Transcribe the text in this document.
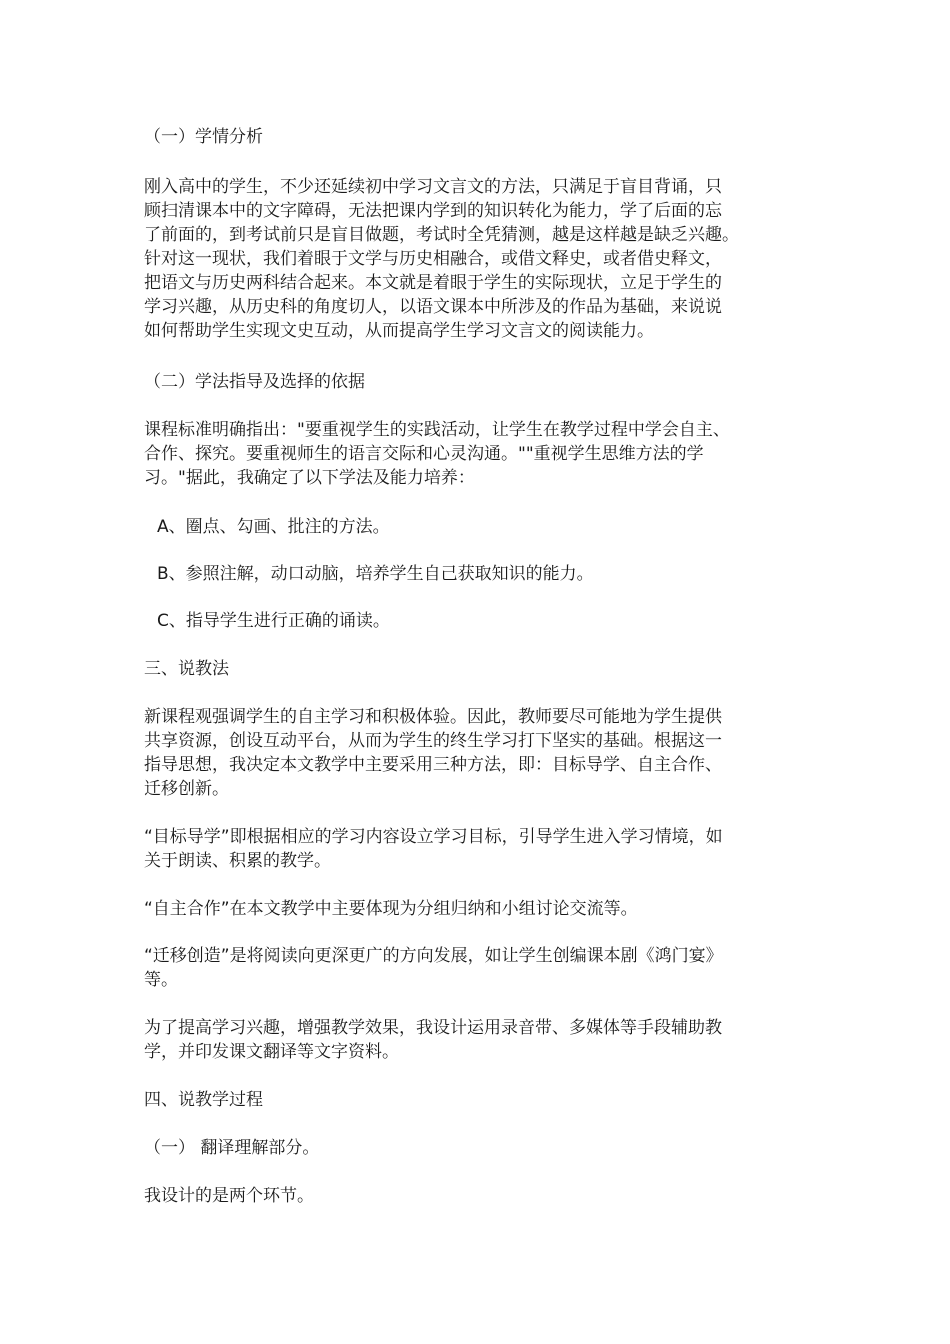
（一）学情分析
刚入高中的学生，不少还延续初中学习文言文的方法，只满足于盲目背诵，只
顾扫清课本中的文字障碍，无法把课内学到的知识转化为能力，学了后面的忘
了前面的，到考试前只是盲目做题，考试时全凭猜测，越是这样越是缺乏兴趣。
针对这一现状，我们着眼于文学与历史相融合，或借文释史，或者借史释文，
把语文与历史两科结合起来。本文就是着眼于学生的实际现状，立足于学生的
学习兴趣，从历史科的角度切人，以语文课本中所涉及的作品为基础，来说说
如何帮助学生实现文史互动，从而提高学生学习文言文的阅读能力。
（二）学法指导及选择的依据
课程标准明确指出："要重视学生的实践活动，让学生在教学过程中学会自主、
合作、探究。要重视师生的语言交际和心灵沟通。""重视学生思维方法的学
习。"据此，我确定了以下学法及能力培养：
A、圈点、勾画、批注的方法。
B、参照注解，动口动脑，培养学生自己获取知识的能力。
C、指导学生进行正确的诵读。
三、说教法
新课程观强调学生的自主学习和积极体验。因此，教师要尽可能地为学生提供
共享资源，创设互动平台，从而为学生的终生学习打下坚实的基础。根据这一
指导思想，我决定本文教学中主要采用三种方法，即：目标导学、自主合作、
迁移创新。
“目标导学”即根据相应的学习内容设立学习目标，引导学生进入学习情境，如
关于朗读、积累的教学。
“自主合作”在本文教学中主要体现为分组归纳和小组讨论交流等。
“迁移创造”是将阅读向更深更广的方向发展，如让学生创编课本剧《鸿门宴》
等。
为了提高学习兴趣，增强教学效果，我设计运用录音带、多媒体等手段辅助教
学，并印发课文翻译等文字资料。
四、说教学过程
（一） 翻译理解部分。
我设计的是两个环节。
